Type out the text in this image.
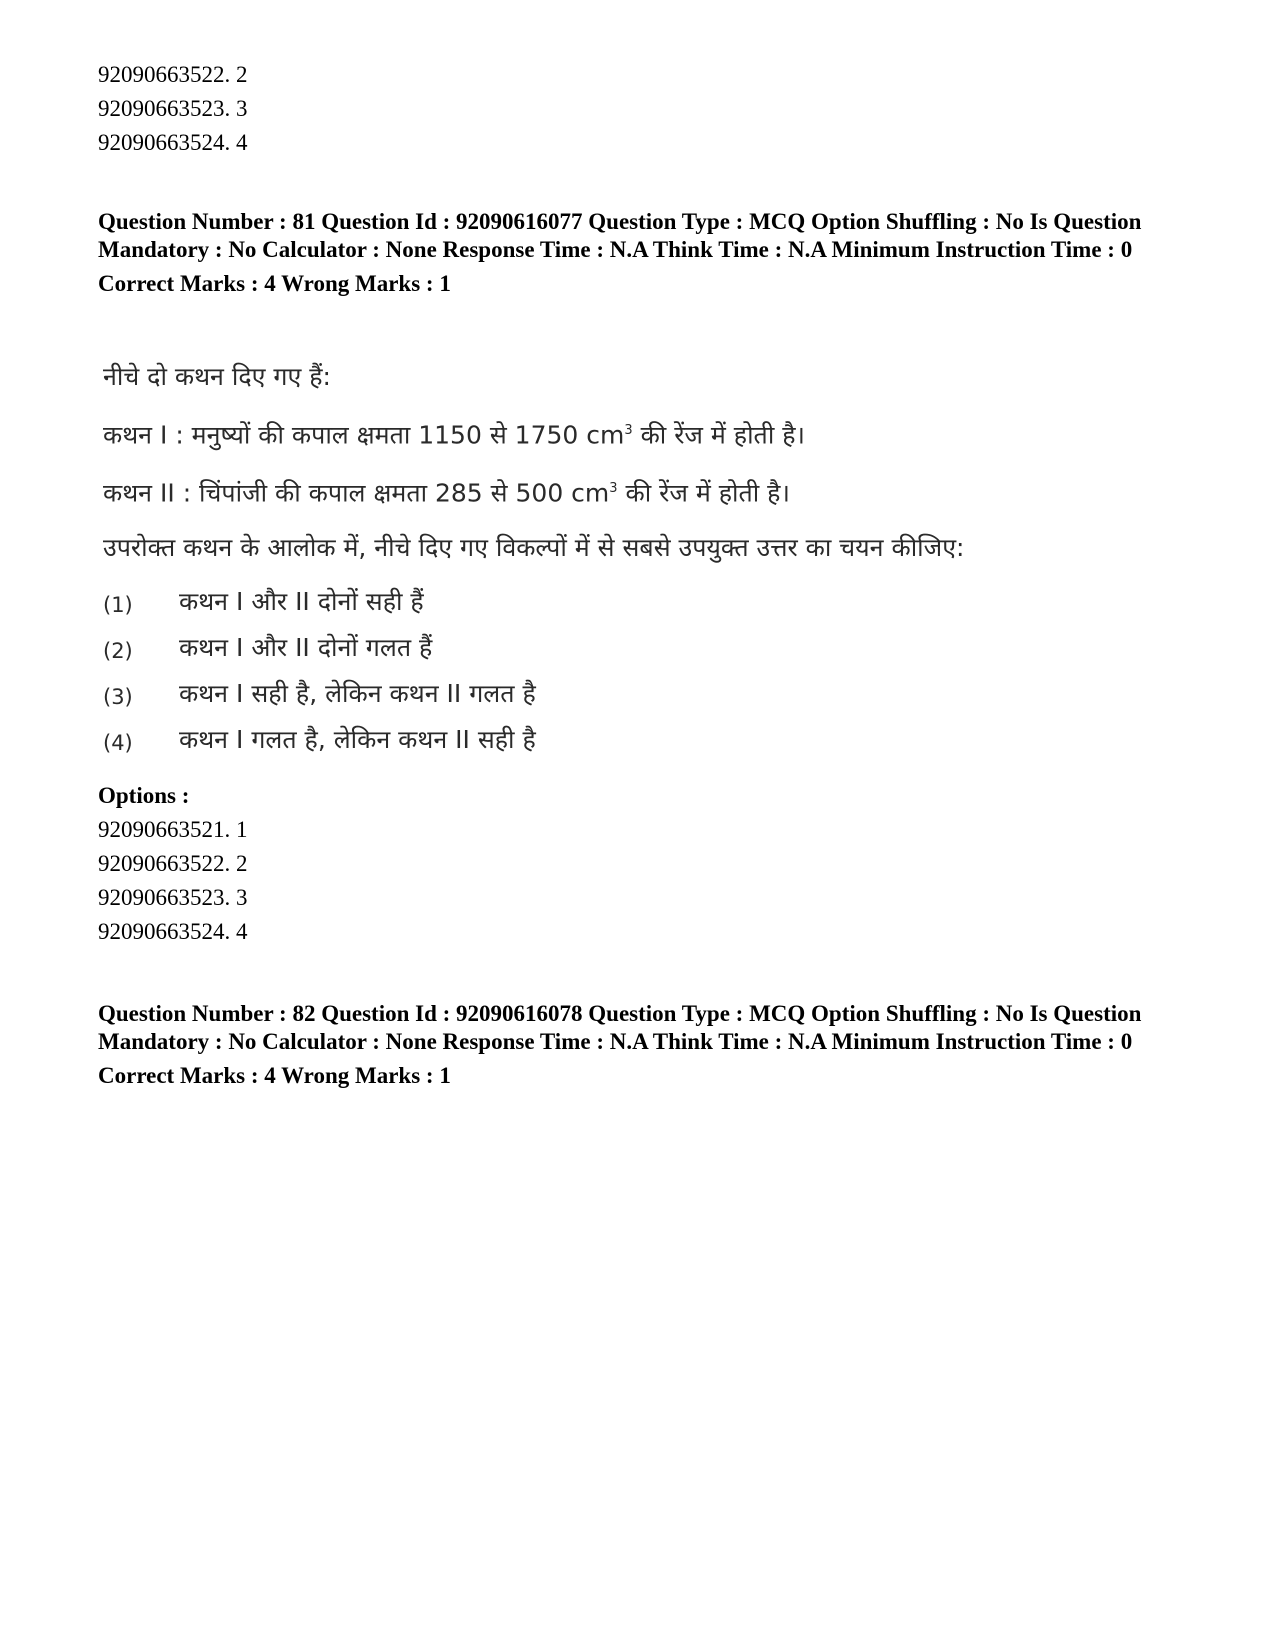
92090663522. 2
92090663523. 3
92090663524. 4
Question Number : 81 Question Id : 92090616077 Question Type : MCQ Option Shuffling : No Is Question Mandatory : No Calculator : None Response Time : N.A Think Time : N.A Minimum Instruction Time : 0
Correct Marks : 4 Wrong Marks : 1
नीचे दो कथन दिए गए हैं:
कथन I : मनुष्यों की कपाल क्षमता 1150 से 1750 $cm^3$ की रेंज में होती है।
कथन II : चिंपांजी की कपाल क्षमता 285 से 500 $cm^3$ की रेंज में होती है।
उपरोक्त कथन के आलोक में, नीचे दिए गए विकल्पों में से सबसे उपयुक्त उत्तर का चयन कीजिए:
(1)	कथन I और II दोनों सही हैं
(2)	कथन I और II दोनों गलत हैं
(3)	कथन I सही है, लेकिन कथन II गलत है
(4)	कथन I गलत है, लेकिन कथन II सही है
Options :
92090663521. 1
92090663522. 2
92090663523. 3
92090663524. 4
Question Number : 82 Question Id : 92090616078 Question Type : MCQ Option Shuffling : No Is Question Mandatory : No Calculator : None Response Time : N.A Think Time : N.A Minimum Instruction Time : 0
Correct Marks : 4 Wrong Marks : 1
